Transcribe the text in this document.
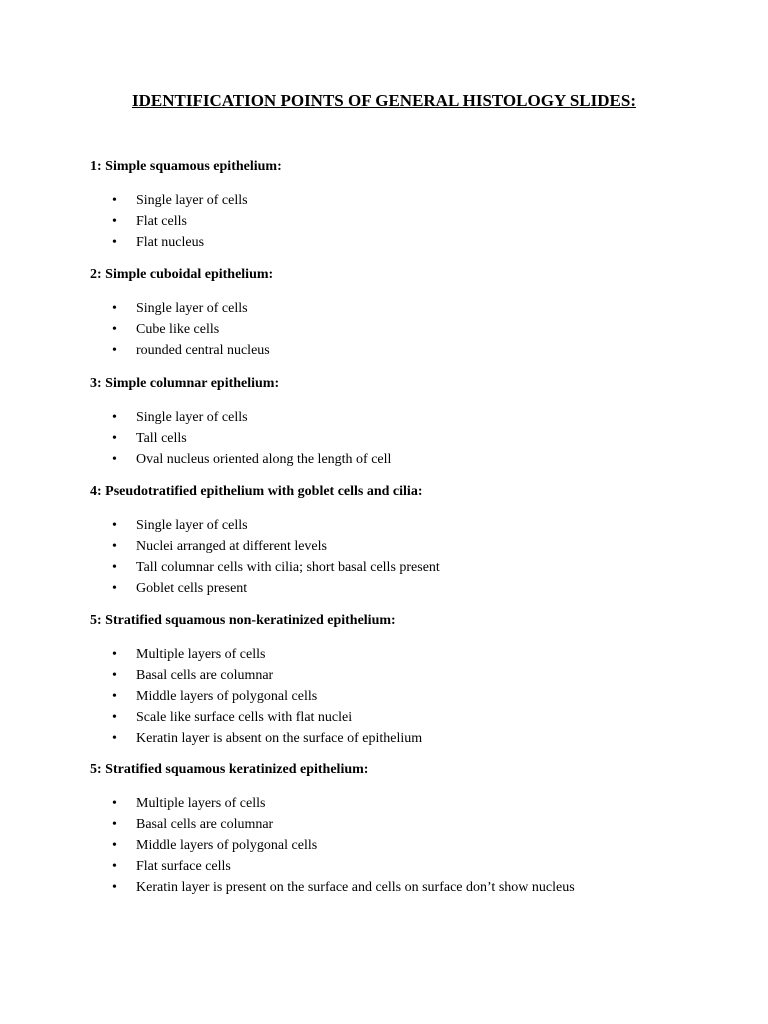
IDENTIFICATION POINTS OF GENERAL HISTOLOGY SLIDES:

1: Simple squamous epithelium:

• Single layer of cells
• Flat cells
• Flat nucleus

2: Simple cuboidal epithelium:

• Single layer of cells
• Cube like cells
• rounded central nucleus

3: Simple columnar epithelium:

• Single layer of cells
• Tall cells
• Oval nucleus oriented along the length of cell

4: Pseudotratified epithelium with goblet cells and cilia:

• Single layer of cells
• Nuclei arranged at different levels
• Tall columnar cells with cilia; short basal cells present
• Goblet cells present

5: Stratified squamous non-keratinized epithelium:

• Multiple layers of cells
• Basal cells are columnar
• Middle layers of polygonal cells
• Scale like surface cells with flat nuclei
• Keratin layer is absent on the surface of epithelium

5: Stratified squamous keratinized epithelium:

• Multiple layers of cells
• Basal cells are columnar
• Middle layers of polygonal cells
• Flat surface cells
• Keratin layer is present on the surface and cells on surface don’t show nucleus
